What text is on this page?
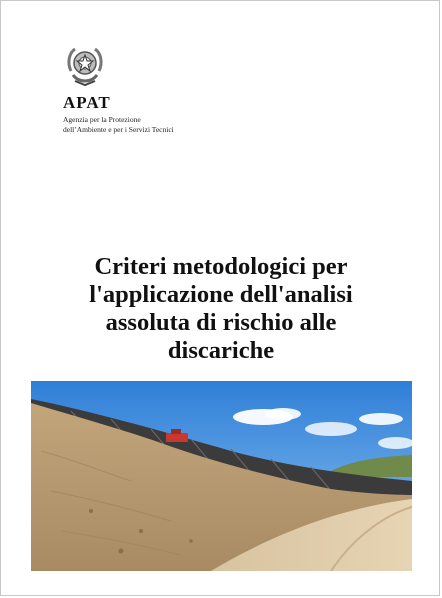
APAT
Agenzia per la Protezione
dell’Ambiente e per i Servizi Tecnici
Criteri metodologici per
l'applicazione dell'analisi
assoluta di rischio alle
discariche
